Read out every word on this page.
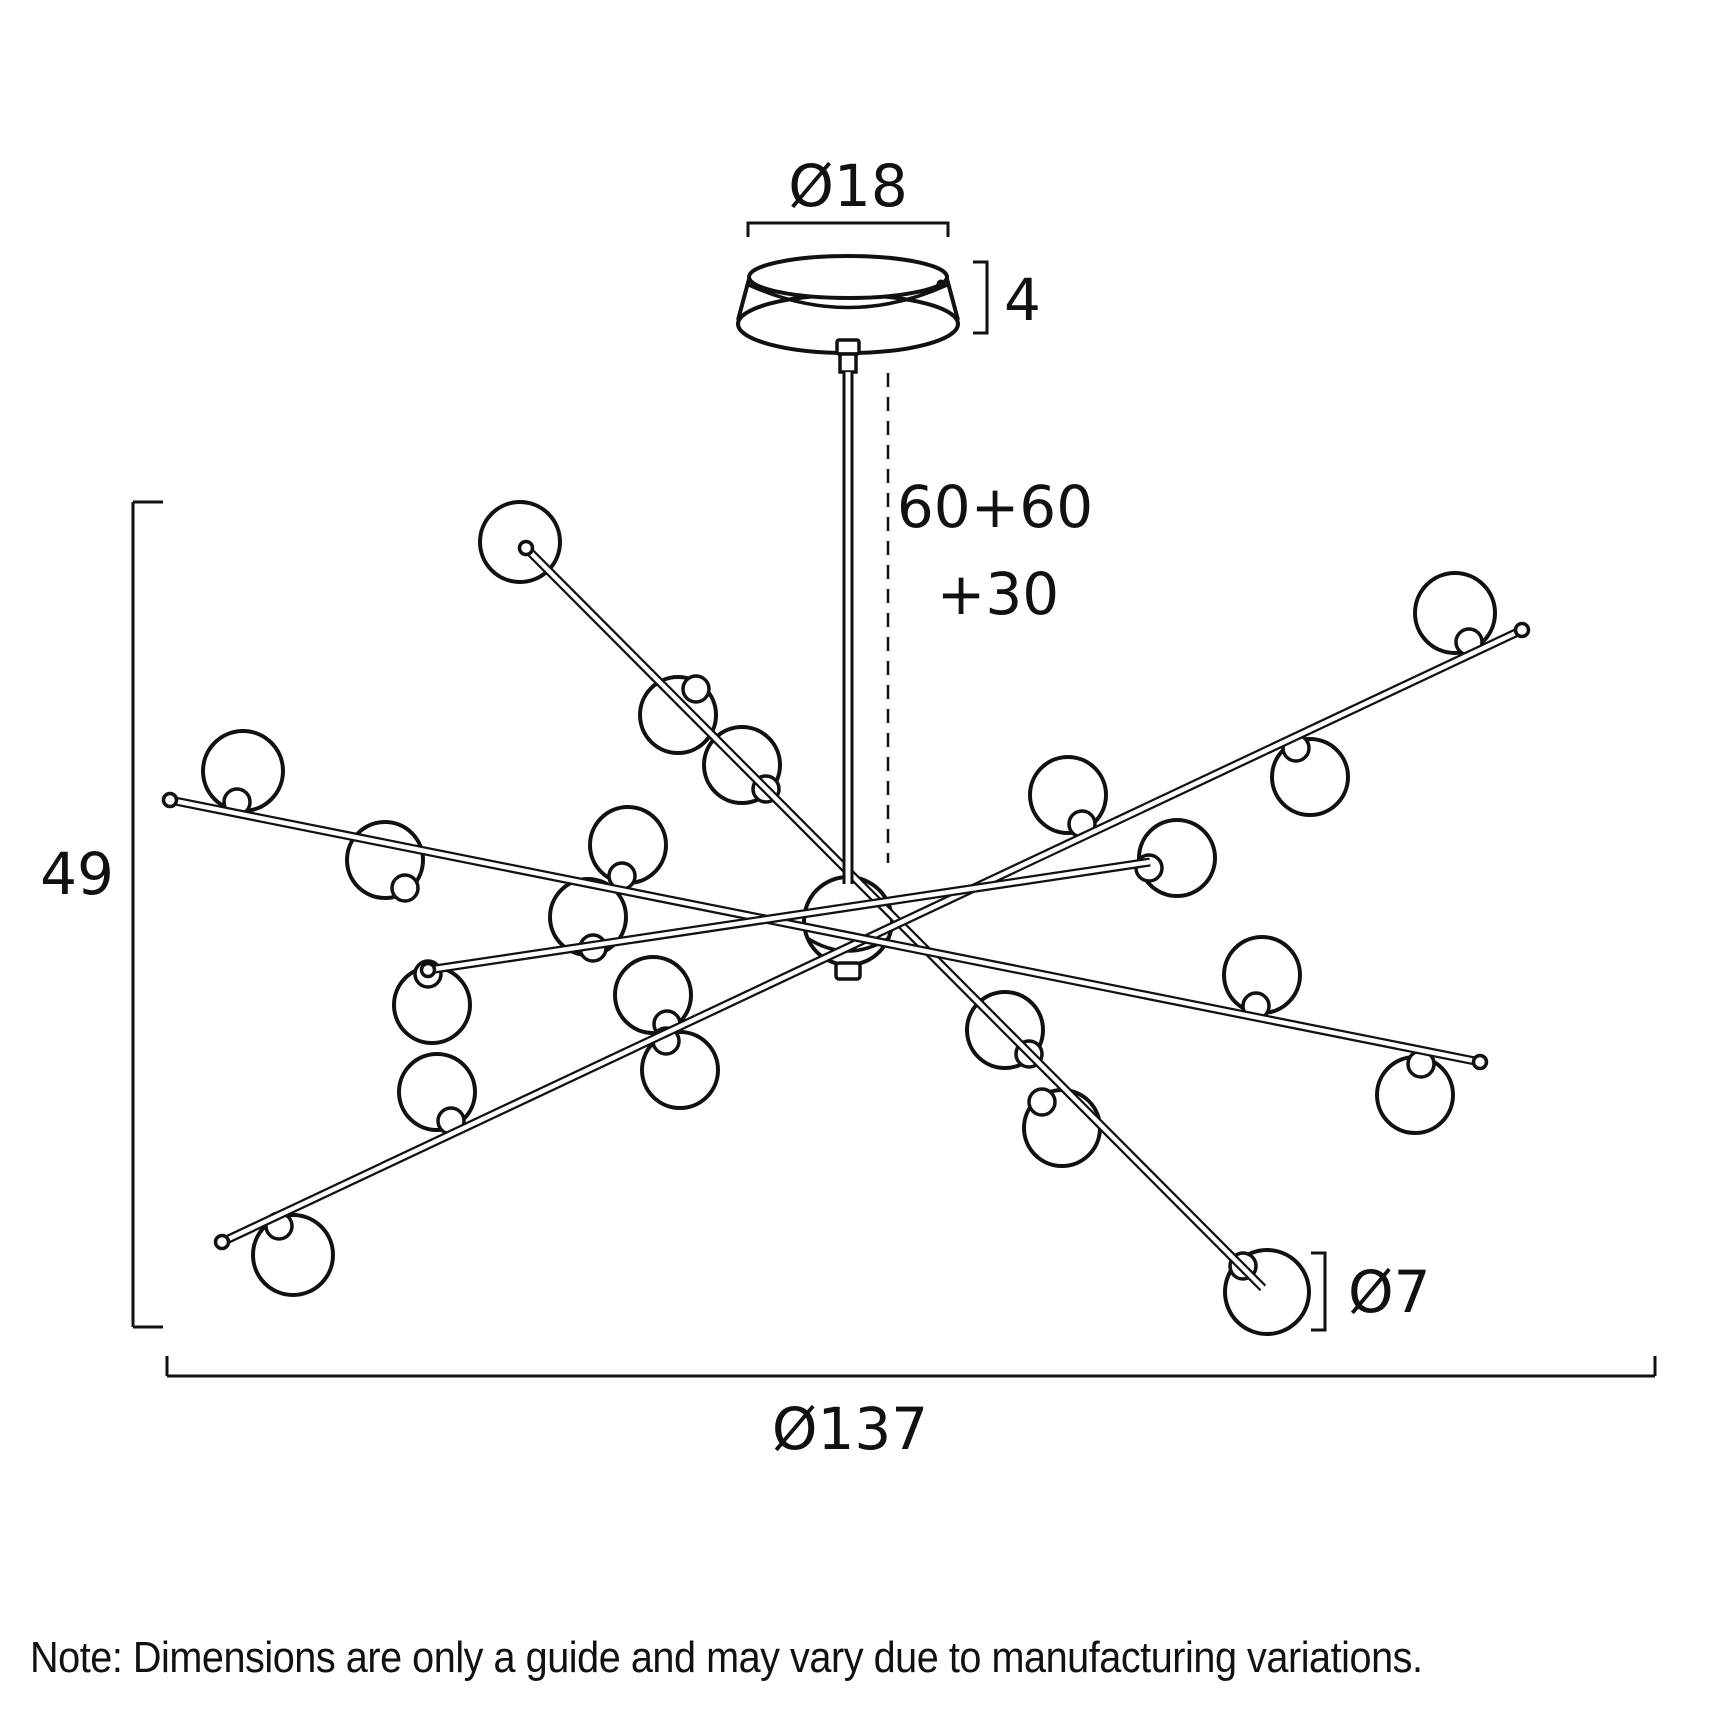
Ø18
4
60+60
+30
49
Ø7
Ø137
Note: Dimensions are only a guide and may vary due to manufacturing variations.
